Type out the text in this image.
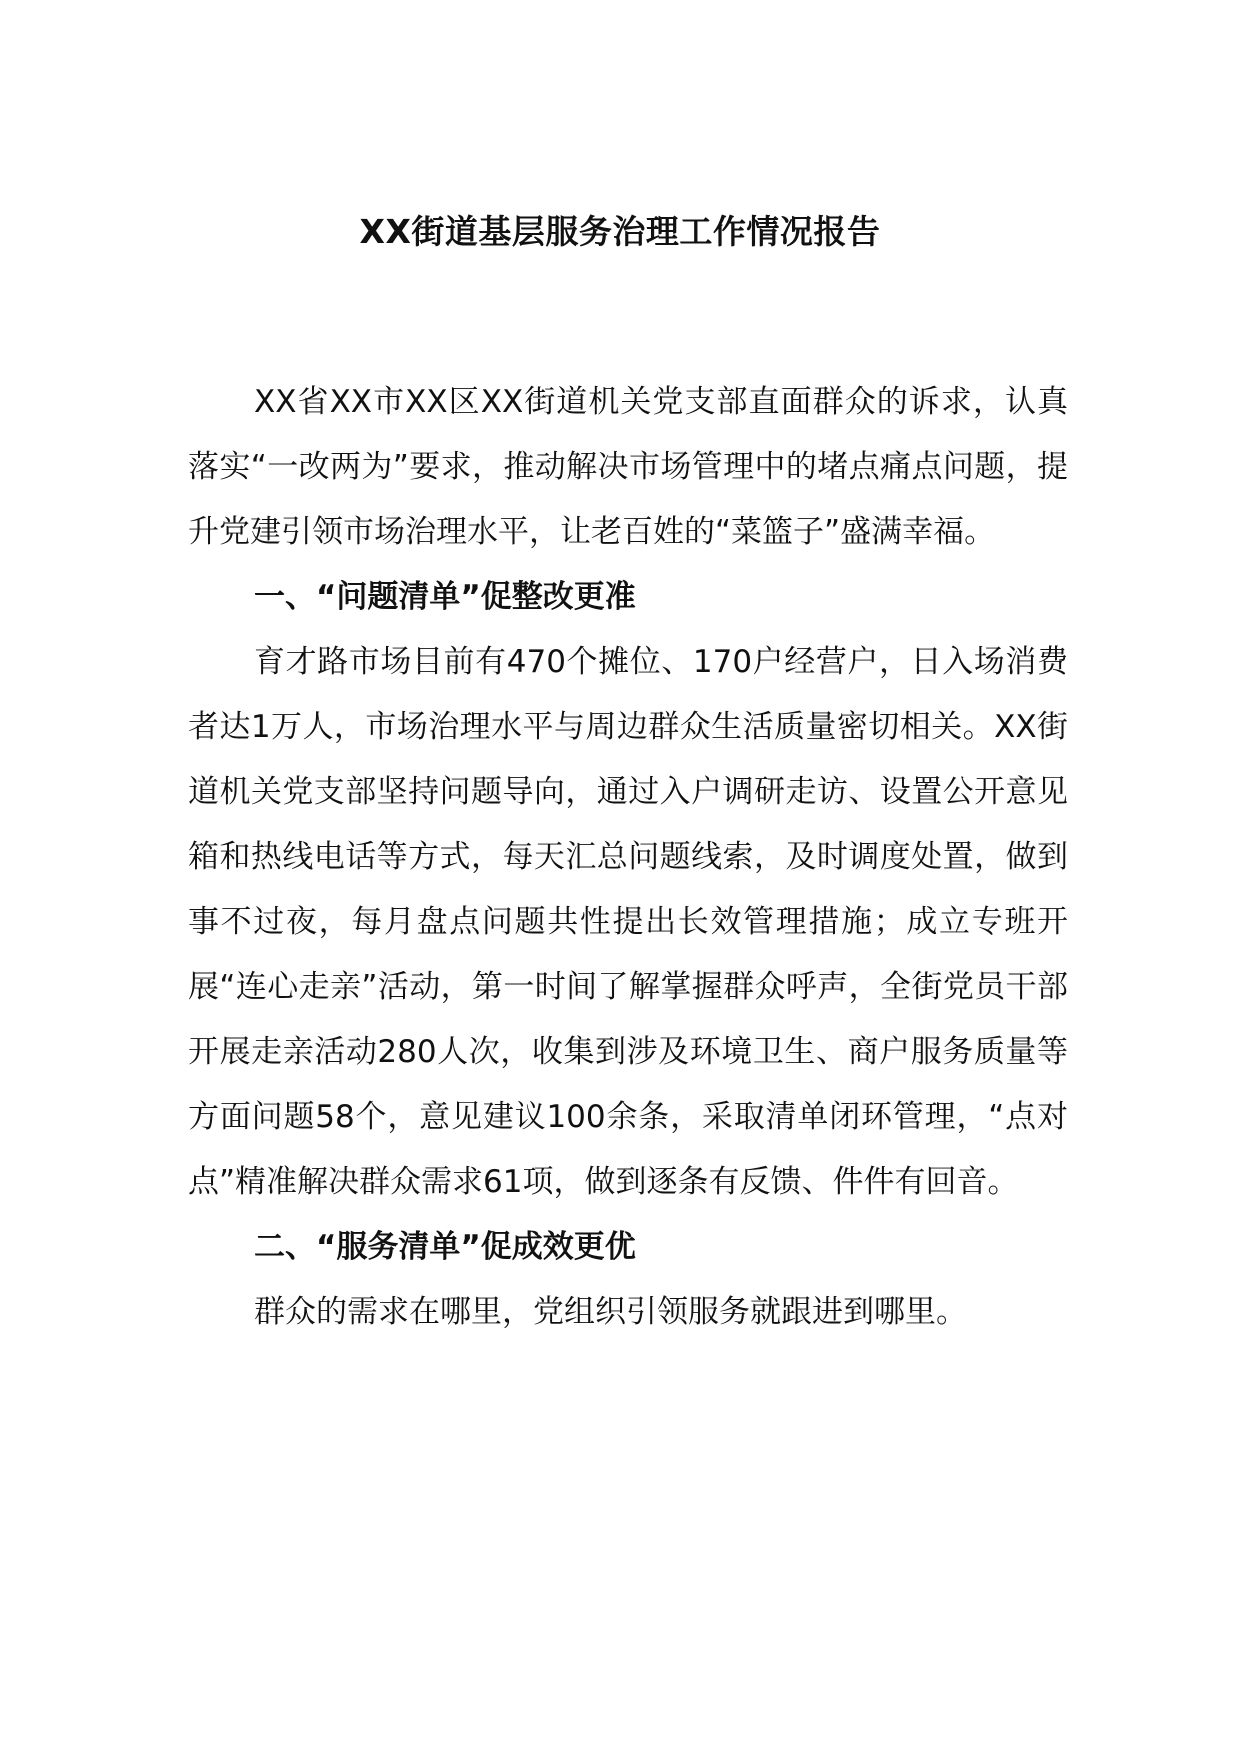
XX街道基层服务治理工作情况报告

XX省XX市XX区XX街道机关党支部直面群众的诉求，认真落实“一改两为”要求，推动解决市场管理中的堵点痛点问题，提升党建引领市场治理水平，让老百姓的“菜篮子”盛满幸福。

一、“问题清单”促整改更准

育才路市场目前有470个摊位、170户经营户，日入场消费者达1万人，市场治理水平与周边群众生活质量密切相关。XX街道机关党支部坚持问题导向，通过入户调研走访、设置公开意见箱和热线电话等方式，每天汇总问题线索，及时调度处置，做到事不过夜，每月盘点问题共性提出长效管理措施；成立专班开展“连心走亲”活动，第一时间了解掌握群众呼声，全街党员干部开展走亲活动280人次，收集到涉及环境卫生、商户服务质量等方面问题58个，意见建议100余条，采取清单闭环管理，“点对点”精准解决群众需求61项，做到逐条有反馈、件件有回音。

二、“服务清单”促成效更优

群众的需求在哪里，党组织引领服务就跟进到哪里。
